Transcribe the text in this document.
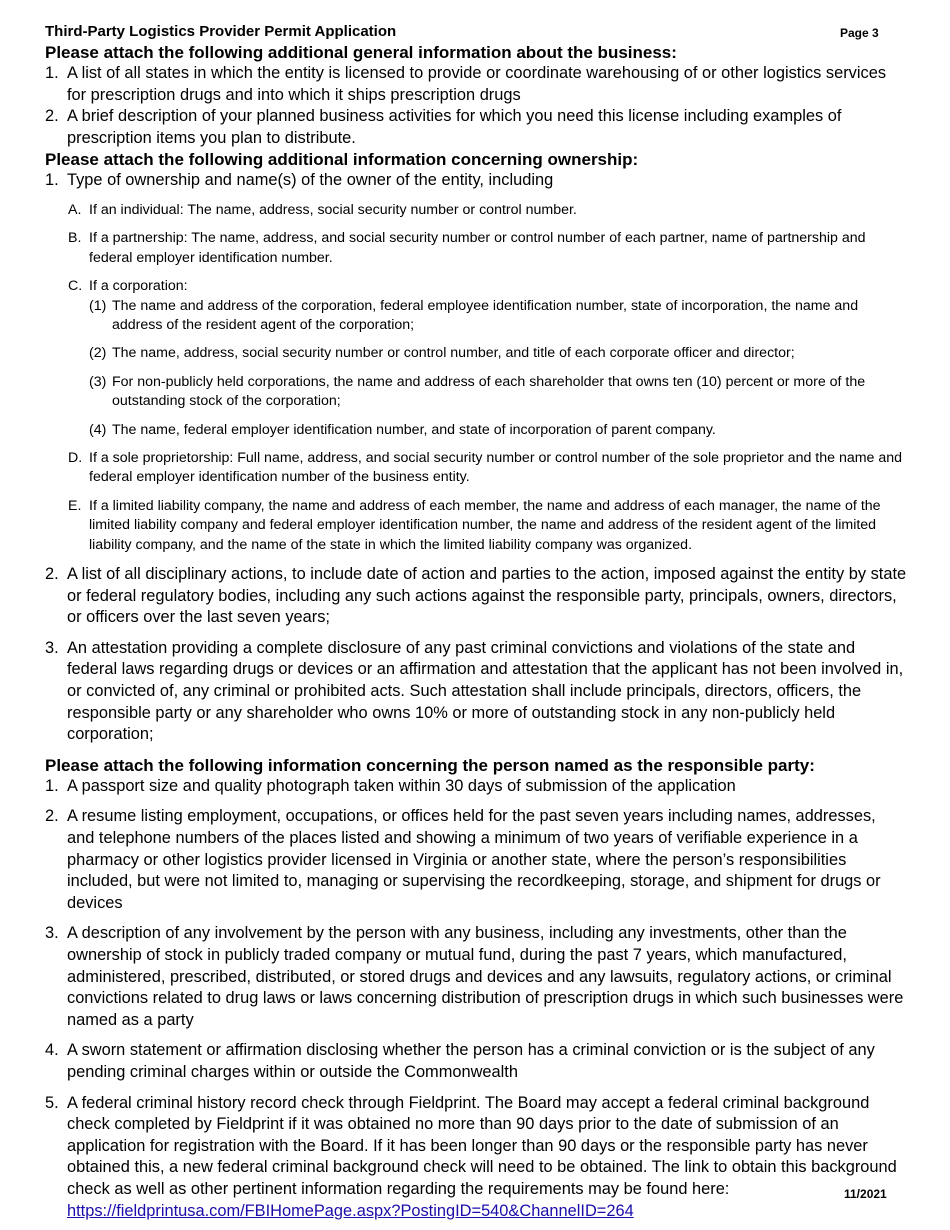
Third-Party Logistics Provider Permit Application	Page 3
Please attach the following additional general information about the business:
1. A list of all states in which the entity is licensed to provide or coordinate warehousing of or other logistics services for prescription drugs and into which it ships prescription drugs
2. A brief description of your planned business activities for which you need this license including examples of prescription items you plan to distribute.
Please attach the following additional information concerning ownership:
1. Type of ownership and name(s) of the owner of the entity, including
A. If an individual: The name, address, social security number or control number.
B. If a partnership: The name, address, and social security number or control number of each partner, name of partnership and federal employer identification number.
C. If a corporation:
(1) The name and address of the corporation, federal employee identification number, state of incorporation, the name and address of the resident agent of the corporation;
(2) The name, address, social security number or control number, and title of each corporate officer and director;
(3) For non-publicly held corporations, the name and address of each shareholder that owns ten (10) percent or more of the outstanding stock of the corporation;
(4) The name, federal employer identification number, and state of incorporation of parent company.
D. If a sole proprietorship: Full name, address, and social security number or control number of the sole proprietor and the name and federal employer identification number of the business entity.
E. If a limited liability company, the name and address of each member, the name and address of each manager, the name of the limited liability company and federal employer identification number, the name and address of the resident agent of the limited liability company, and the name of the state in which the limited liability company was organized.
2. A list of all disciplinary actions, to include date of action and parties to the action, imposed against the entity by state or federal regulatory bodies, including any such actions against the responsible party, principals, owners, directors, or officers over the last seven years;
3. An attestation providing a complete disclosure of any past criminal convictions and violations of the state and federal laws regarding drugs or devices or an affirmation and attestation that the applicant has not been involved in, or convicted of, any criminal or prohibited acts. Such attestation shall include principals, directors, officers, the responsible party or any shareholder who owns 10% or more of outstanding stock in any non-publicly held corporation;
Please attach the following information concerning the person named as the responsible party:
1. A passport size and quality photograph taken within 30 days of submission of the application
2. A resume listing employment, occupations, or offices held for the past seven years including names, addresses, and telephone numbers of the places listed and showing a minimum of two years of verifiable experience in a pharmacy or other logistics provider licensed in Virginia or another state, where the person’s responsibilities included, but were not limited to, managing or supervising the recordkeeping, storage, and shipment for drugs or devices
3. A description of any involvement by the person with any business, including any investments, other than the ownership of stock in publicly traded company or mutual fund, during the past 7 years, which manufactured, administered, prescribed, distributed, or stored drugs and devices and any lawsuits, regulatory actions, or criminal convictions related to drug laws or laws concerning distribution of prescription drugs in which such businesses were named as a party
4. A sworn statement or affirmation disclosing whether the person has a criminal conviction or is the subject of any pending criminal charges within or outside the Commonwealth
5. A federal criminal history record check through Fieldprint. The Board may accept a federal criminal background check completed by Fieldprint if it was obtained no more than 90 days prior to the date of submission of an application for registration with the Board. If it has been longer than 90 days or the responsible party has never obtained this, a new federal criminal background check will need to be obtained. The link to obtain this background check as well as other pertinent information regarding the requirements may be found here:
https://fieldprintusa.com/FBIHomePage.aspx?PostingID=540&ChannelID=264
11/2021
